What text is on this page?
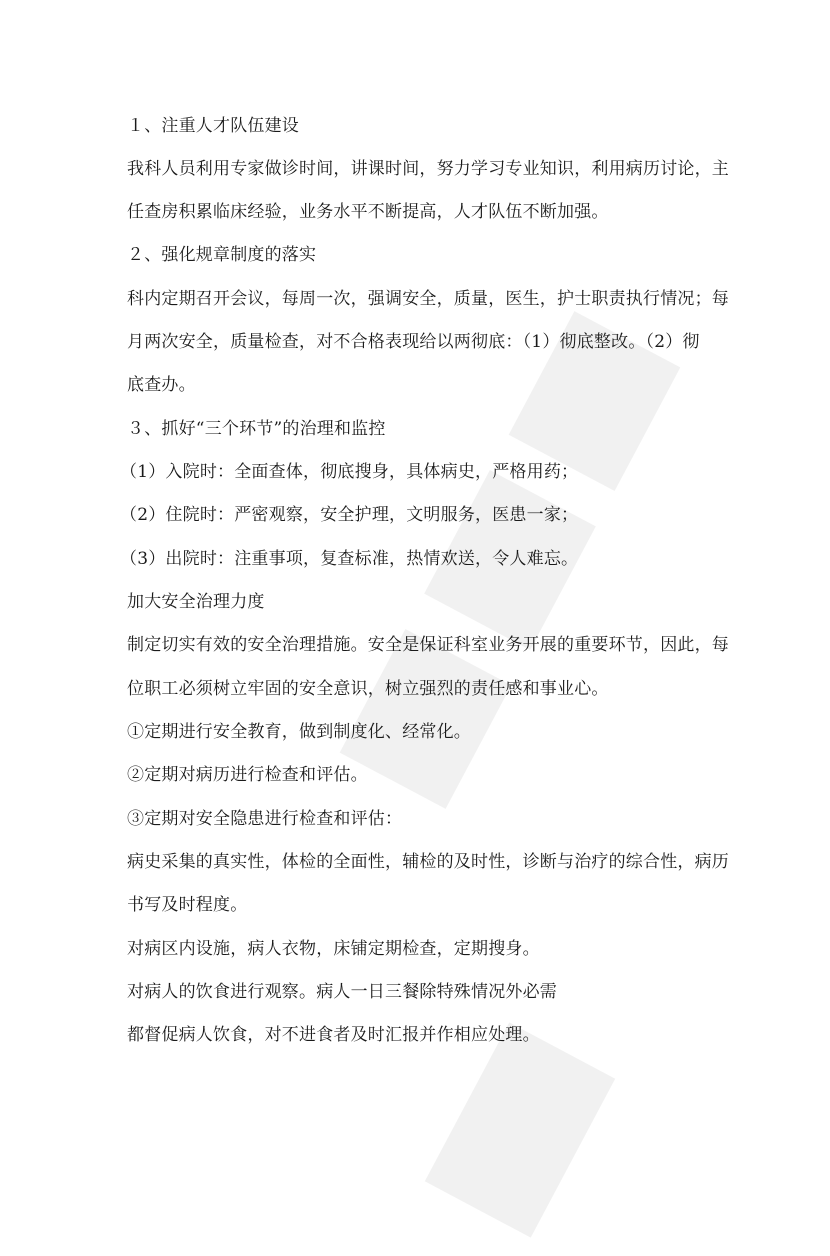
１、注重人才队伍建设
我科人员利用专家做诊时间，讲课时间，努力学习专业知识，利用病历讨论，主
任查房积累临床经验，业务水平不断提高，人才队伍不断加强。
２、强化规章制度的落实
科内定期召开会议，每周一次，强调安全，质量，医生，护士职责执行情况；每
月两次安全，质量检查，对不合格表现给以两彻底：（1）彻底整改。（2）彻
底查办。
３、抓好“三个环节”的治理和监控
（1）入院时：全面查体，彻底搜身，具体病史，严格用药；
（2）住院时：严密观察，安全护理，文明服务，医患一家；
（3）出院时：注重事项，复查标准，热情欢送，令人难忘。
加大安全治理力度
制定切实有效的安全治理措施。安全是保证科室业务开展的重要环节，因此，每
位职工必须树立牢固的安全意识，树立强烈的责任感和事业心。
①定期进行安全教育，做到制度化、经常化。
②定期对病历进行检查和评估。
③定期对安全隐患进行检查和评估：
病史采集的真实性，体检的全面性，辅检的及时性，诊断与治疗的综合性，病历
书写及时程度。
对病区内设施，病人衣物，床铺定期检查，定期搜身。
对病人的饮食进行观察。病人一日三餐除特殊情况外必需
都督促病人饮食，对不进食者及时汇报并作相应处理。
